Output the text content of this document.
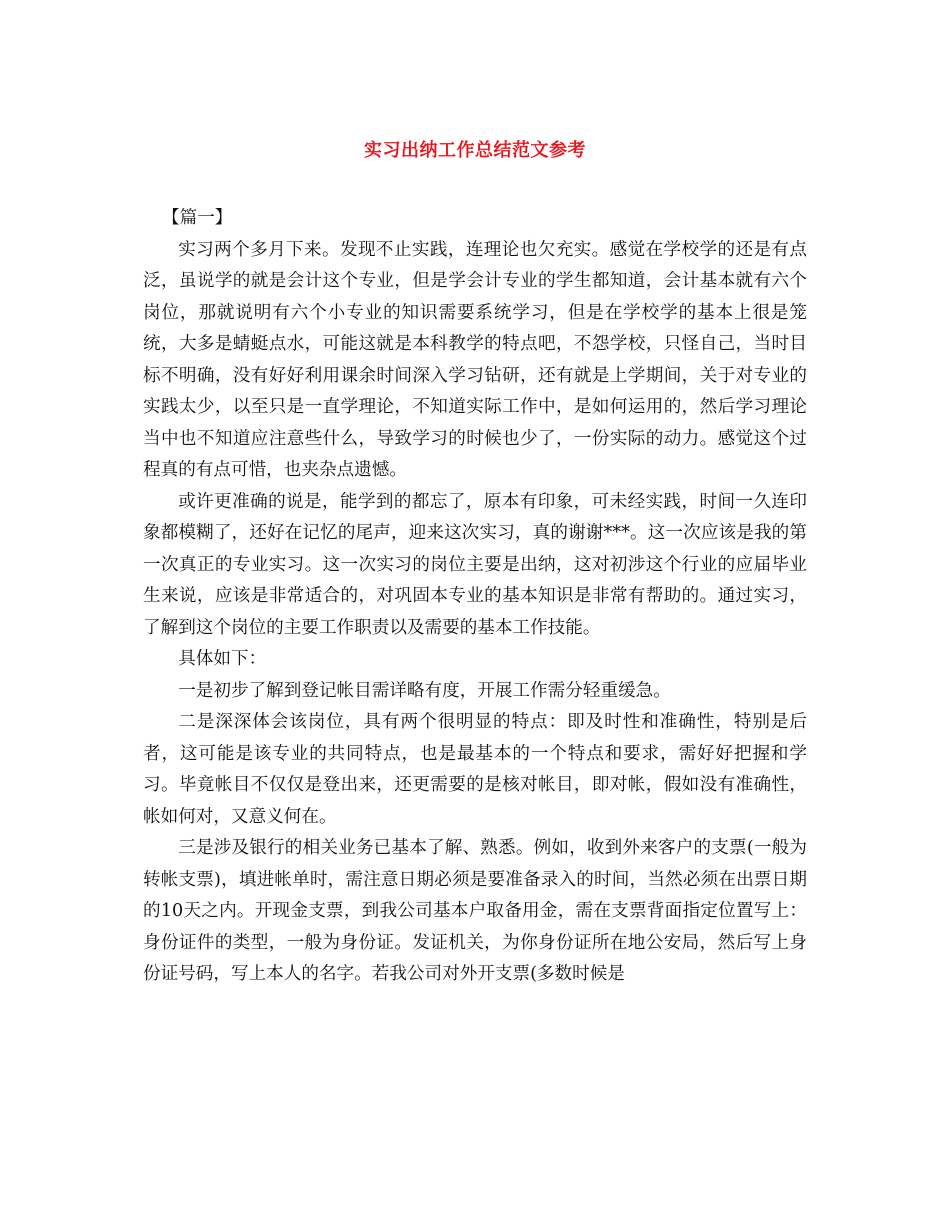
实习出纳工作总结范文参考

【篇一】

实习两个多月下来。发现不止实践，连理论也欠充实。感觉在学校学的还是有点泛，虽说学的就是会计这个专业，但是学会计专业的学生都知道，会计基本就有六个岗位，那就说明有六个小专业的知识需要系统学习，但是在学校学的基本上很是笼统，大多是蜻蜓点水，可能这就是本科教学的特点吧，不怨学校，只怪自己，当时目标不明确，没有好好利用课余时间深入学习钻研，还有就是上学期间，关于对专业的实践太少，以至只是一直学理论，不知道实际工作中，是如何运用的，然后学习理论当中也不知道应注意些什么，导致学习的时候也少了，一份实际的动力。感觉这个过程真的有点可惜，也夹杂点遗憾。

或许更准确的说是，能学到的都忘了，原本有印象，可未经实践，时间一久连印象都模糊了，还好在记忆的尾声，迎来这次实习，真的谢谢***。这一次应该是我的第一次真正的专业实习。这一次实习的岗位主要是出纳，这对初涉这个行业的应届毕业生来说，应该是非常适合的，对巩固本专业的基本知识是非常有帮助的。通过实习，了解到这个岗位的主要工作职责以及需要的基本工作技能。

具体如下：

一是初步了解到登记帐目需详略有度，开展工作需分轻重缓急。

二是深深体会该岗位，具有两个很明显的特点：即及时性和准确性，特别是后者，这可能是该专业的共同特点，也是最基本的一个特点和要求，需好好把握和学习。毕竟帐目不仅仅是登出来，还更需要的是核对帐目，即对帐，假如没有准确性，帐如何对，又意义何在。

三是涉及银行的相关业务已基本了解、熟悉。例如，收到外来客户的支票(一般为转帐支票)，填进帐单时，需注意日期必须是要准备录入的时间，当然必须在出票日期的10天之内。开现金支票，到我公司基本户取备用金，需在支票背面指定位置写上：身份证件的类型，一般为身份证。发证机关，为你身份证所在地公安局，然后写上身份证号码，写上本人的名字。若我公司对外开支票(多数时候是
